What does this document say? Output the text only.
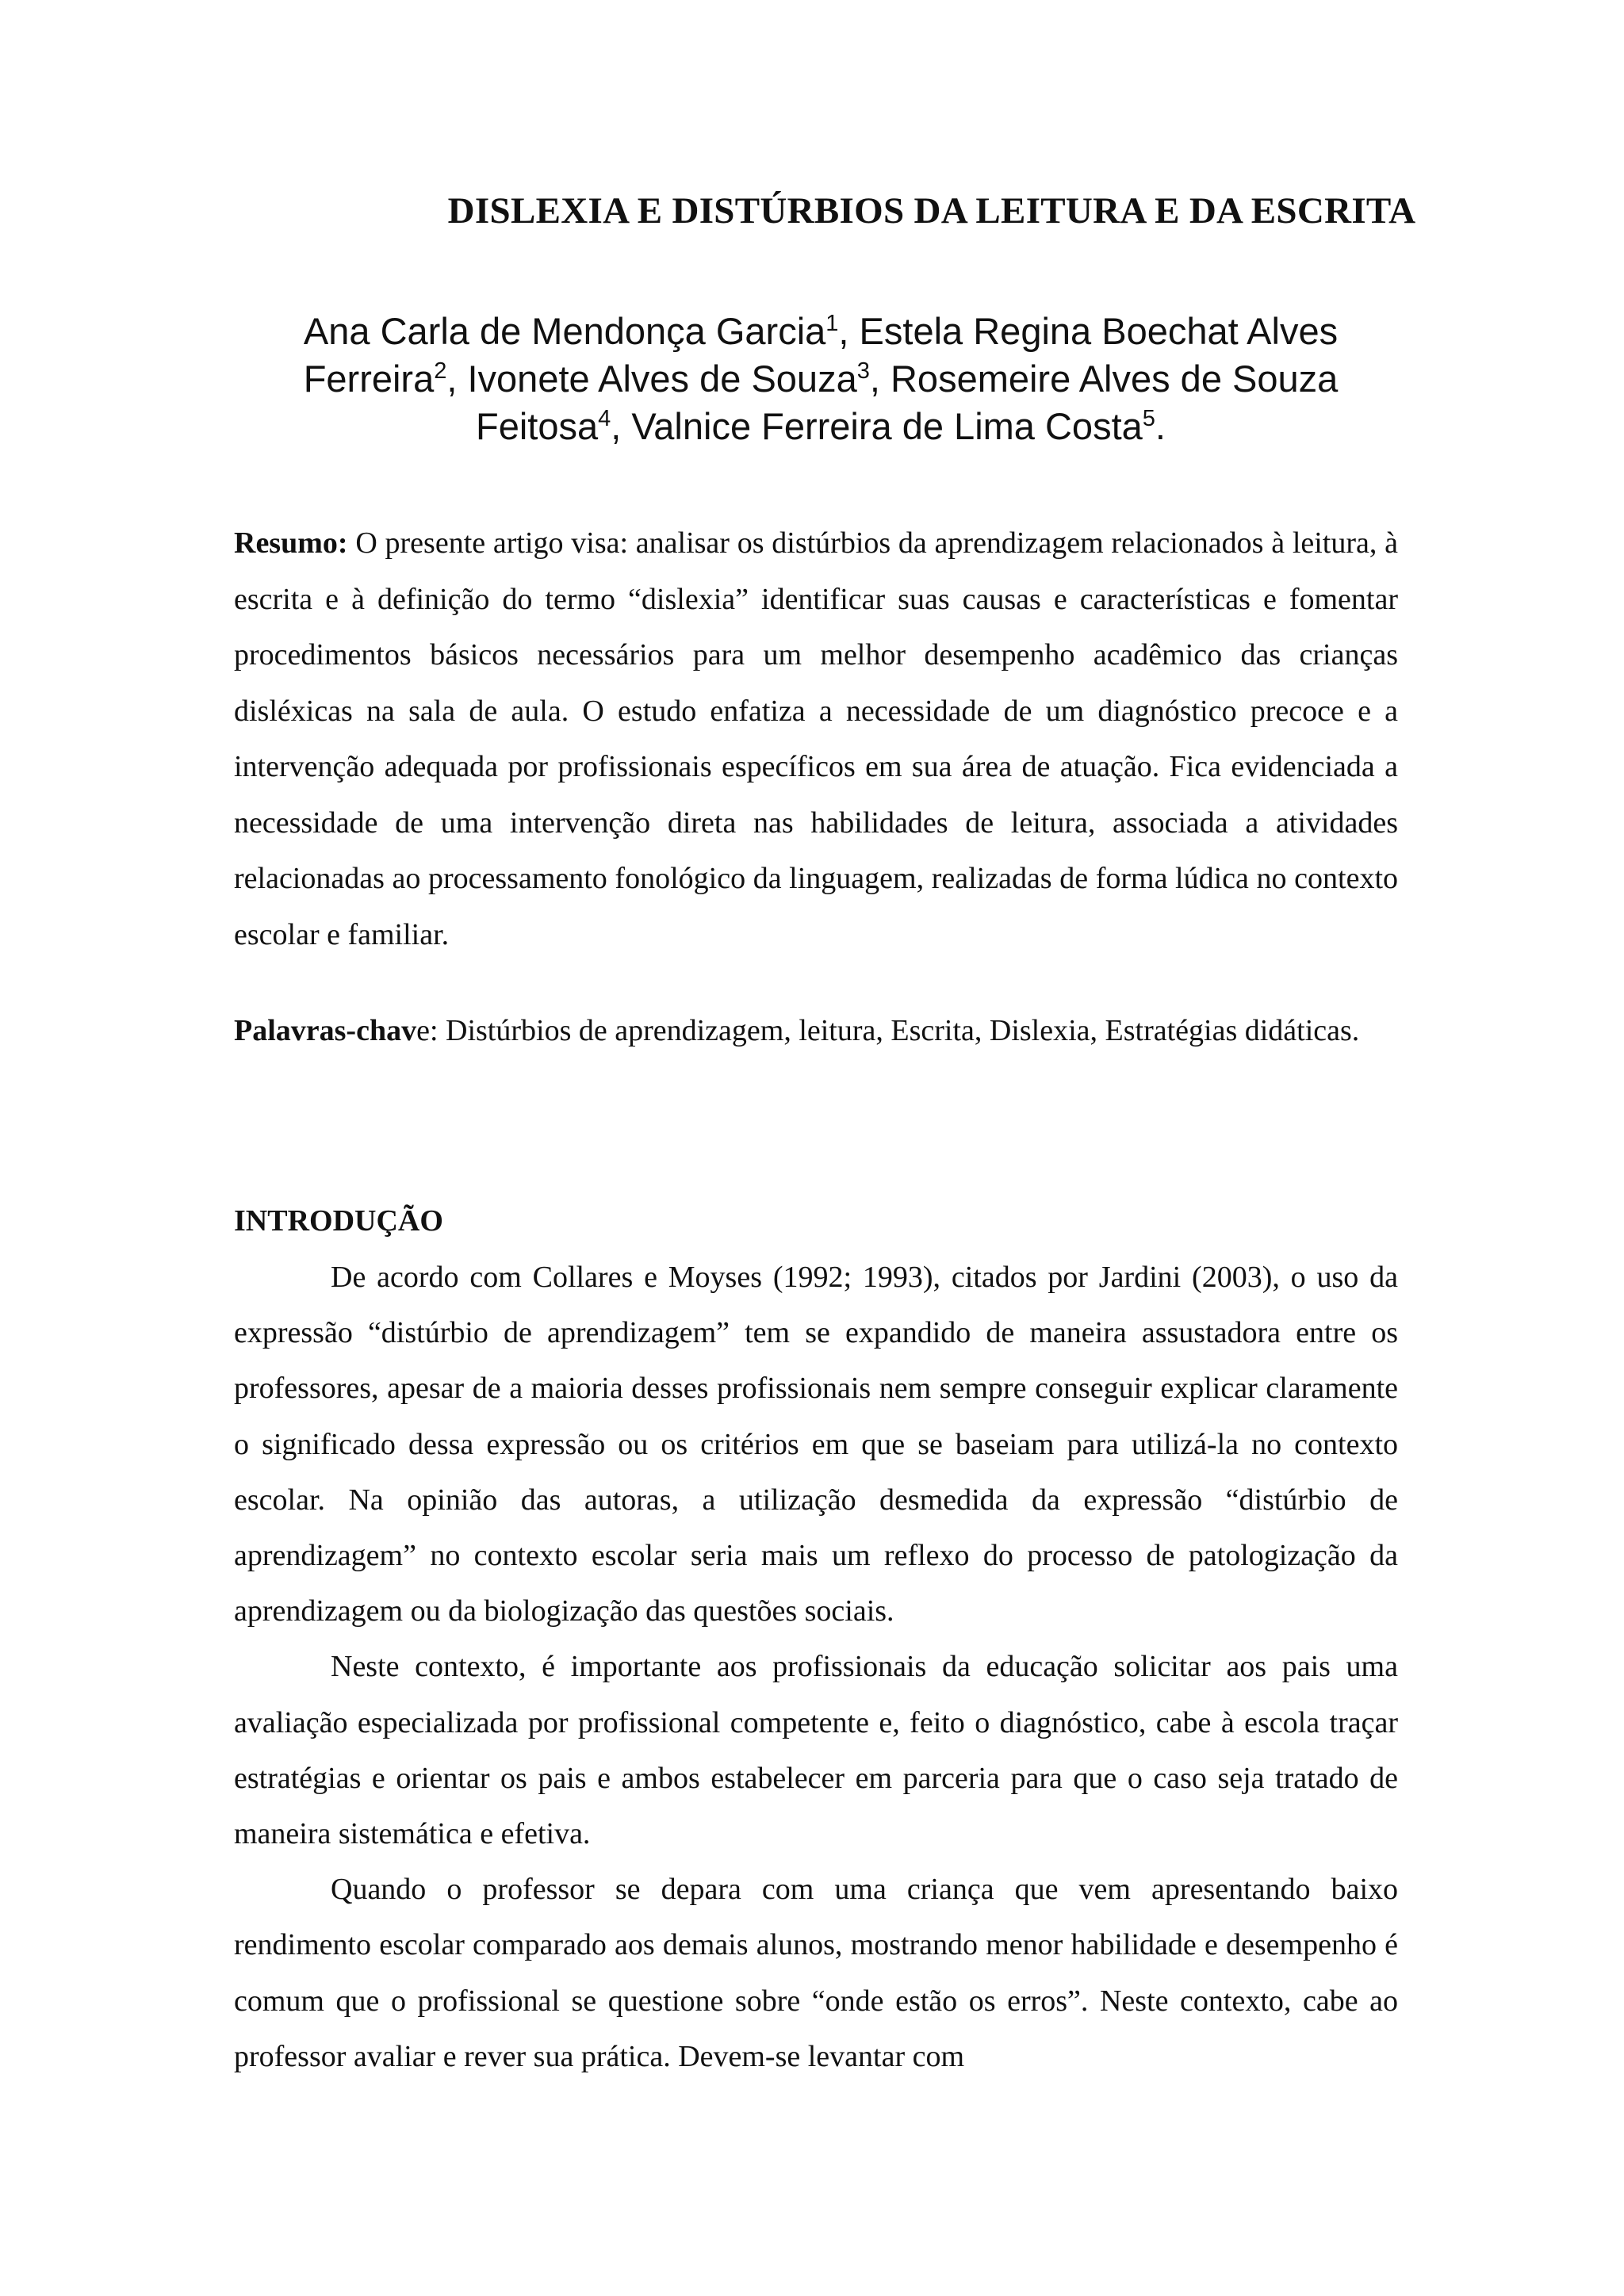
DISLEXIA E DISTÚRBIOS DA LEITURA E DA ESCRITA

Ana Carla de Mendonça Garcia$^1$, Estela Regina Boechat Alves Ferreira$^2$, Ivonete Alves de Souza$^3$, Rosemeire Alves de Souza Feitosa$^4$, Valnice Ferreira de Lima Costa$^5$.

Resumo: O presente artigo visa: analisar os distúrbios da aprendizagem relacionados à leitura, à escrita e à definição do termo “dislexia” identificar suas causas e características e fomentar procedimentos básicos necessários para um melhor desempenho acadêmico das crianças disléxicas na sala de aula. O estudo enfatiza a necessidade de um diagnóstico precoce e a intervenção adequada por profissionais específicos em sua área de atuação. Fica evidenciada a necessidade de uma intervenção direta nas habilidades de leitura, associada a atividades relacionadas ao processamento fonológico da linguagem, realizadas de forma lúdica no contexto escolar e familiar.

Palavras-chave: Distúrbios de aprendizagem, leitura, Escrita, Dislexia, Estratégias didáticas.

INTRODUÇÃO

De acordo com Collares e Moyses (1992; 1993), citados por Jardini (2003), o uso da expressão “distúrbio de aprendizagem” tem se expandido de maneira assustadora entre os professores, apesar de a maioria desses profissionais nem sempre conseguir explicar claramente o significado dessa expressão ou os critérios em que se baseiam para utilizá-la no contexto escolar. Na opinião das autoras, a utilização desmedida da expressão “distúrbio de aprendizagem” no contexto escolar seria mais um reflexo do processo de patologização da aprendizagem ou da biologização das questões sociais.

Neste contexto, é importante aos profissionais da educação solicitar aos pais uma avaliação especializada por profissional competente e, feito o diagnóstico, cabe à escola traçar estratégias e orientar os pais e ambos estabelecer em parceria para que o caso seja tratado de maneira sistemática e efetiva.

Quando o professor se depara com uma criança que vem apresentando baixo rendimento escolar comparado aos demais alunos, mostrando menor habilidade e desempenho é comum que o profissional se questione sobre “onde estão os erros”. Neste contexto, cabe ao professor avaliar e rever sua prática. Devem-se levantar com
